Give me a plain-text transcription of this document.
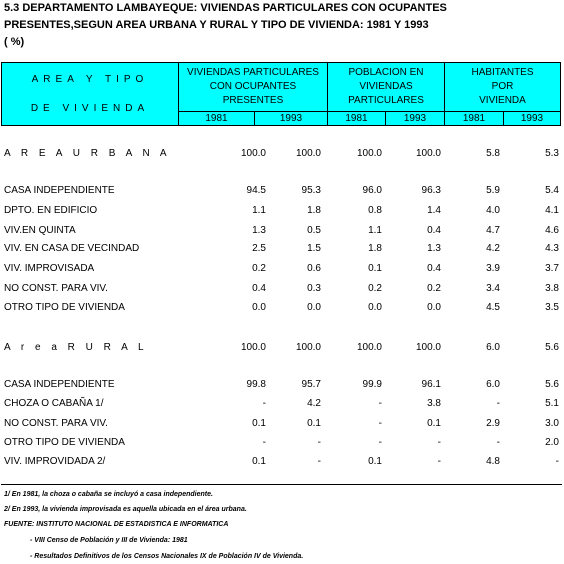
5.3 DEPARTAMENTO LAMBAYEQUE: VIVIENDAS PARTICULARES CON OCUPANTES
PRESENTES,SEGUN AREA URBANA Y RURAL Y TIPO DE VIVIENDA: 1981 Y 1993
( %)
AREA Y TIPO
DE VIVIENDA
VIVIENDAS PARTICULARES
CON OCUPANTES
PRESENTES
POBLACION EN
VIVIENDAS
PARTICULARES
HABITANTES
POR
VIVIENDA
1981	1993	1981	1993	1981	1993
A R E A U R B A N A	100.0	100.0	100.0	100.0	5.8	5.3
CASA INDEPENDIENTE	94.5	95.3	96.0	96.3	5.9	5.4
DPTO. EN EDIFICIO	1.1	1.8	0.8	1.4	4.0	4.1
VIV.EN QUINTA	1.3	0.5	1.1	0.4	4.7	4.6
VIV. EN CASA DE VECINDAD	2.5	1.5	1.8	1.3	4.2	4.3
VIV. IMPROVISADA	0.2	0.6	0.1	0.4	3.9	3.7
NO CONST. PARA VIV.	0.4	0.3	0.2	0.2	3.4	3.8
OTRO TIPO DE VIVIENDA	0.0	0.0	0.0	0.0	4.5	3.5
A r e a R U R A L	100.0	100.0	100.0	100.0	6.0	5.6
CASA INDEPENDIENTE	99.8	95.7	99.9	96.1	6.0	5.6
CHOZA O CABAÑA 1/	-	4.2	-	3.8	-	5.1
NO CONST. PARA VIV.	0.1	0.1	-	0.1	2.9	3.0
OTRO TIPO DE VIVIENDA	-	-	-	-	-	2.0
VIV. IMPROVIDADA 2/	0.1	-	0.1	-	4.8	-
1/ En 1981, la choza o cabaña se incluyó a casa independiente.
2/ En 1993, la vivienda improvisada es aquella ubicada en el área urbana.
FUENTE: INSTITUTO NACIONAL DE ESTADISTICA E INFORMATICA
- VIII Censo de Población y III de Vivienda: 1981
- Resultados Definitivos de los Censos Nacionales IX de Población IV de Vivienda.
